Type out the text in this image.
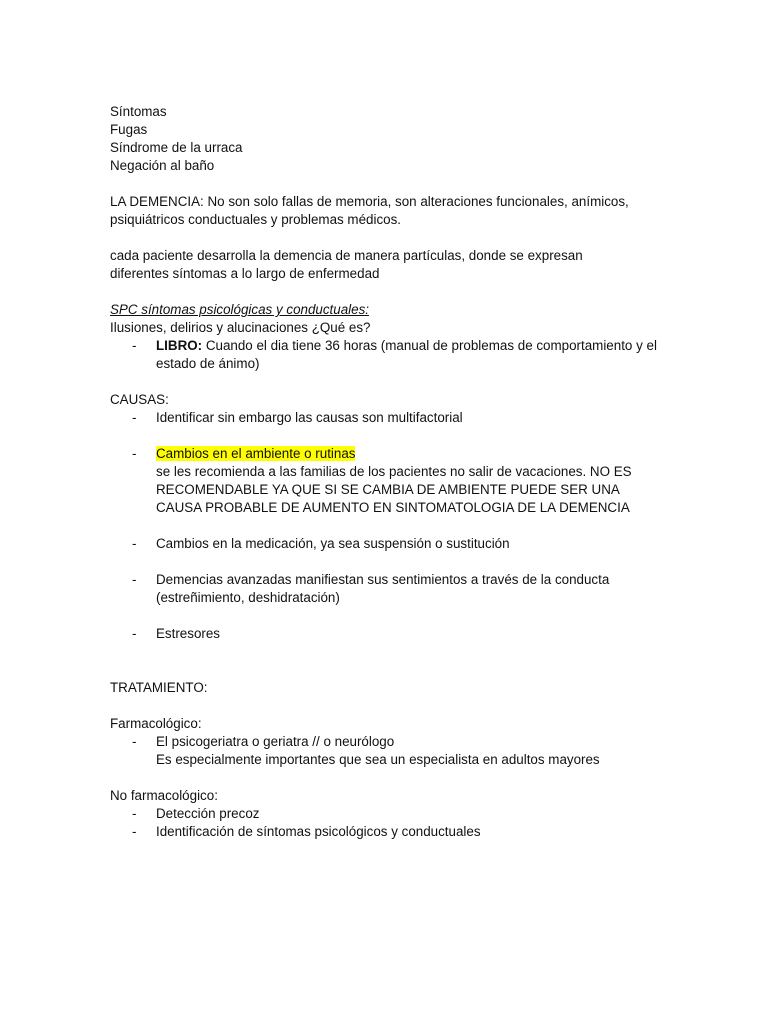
Síntomas
Fugas
Síndrome de la urraca
Negación al baño
LA DEMENCIA: No son solo fallas de memoria, son alteraciones funcionales, anímicos, psiquiátricos conductuales y problemas médicos.
cada paciente desarrolla la demencia de manera partículas, donde se expresan diferentes síntomas a lo largo de enfermedad
SPC síntomas psicológicas y conductuales:
Ilusiones, delirios y alucinaciones ¿Qué es?
- LIBRO: Cuando el dia tiene 36 horas (manual de problemas de comportamiento y el estado de ánimo)
CAUSAS:
- Identificar sin embargo las causas son multifactorial
- Cambios en el ambiente o rutinas
se les recomienda a las familias de los pacientes no salir de vacaciones. NO ES RECOMENDABLE YA QUE SI SE CAMBIA DE AMBIENTE PUEDE SER UNA CAUSA PROBABLE DE AUMENTO EN SINTOMATOLOGIA DE LA DEMENCIA
- Cambios en la medicación, ya sea suspensión o sustitución
- Demencias avanzadas manifiestan sus sentimientos a través de la conducta (estreñimiento, deshidratación)
- Estresores
TRATAMIENTO:
Farmacológico:
- El psicogeriatra o geriatra // o neurólogo
Es especialmente importantes que sea un especialista en adultos mayores
No farmacológico:
- Detección precoz
- Identificación de síntomas psicológicos y conductuales
